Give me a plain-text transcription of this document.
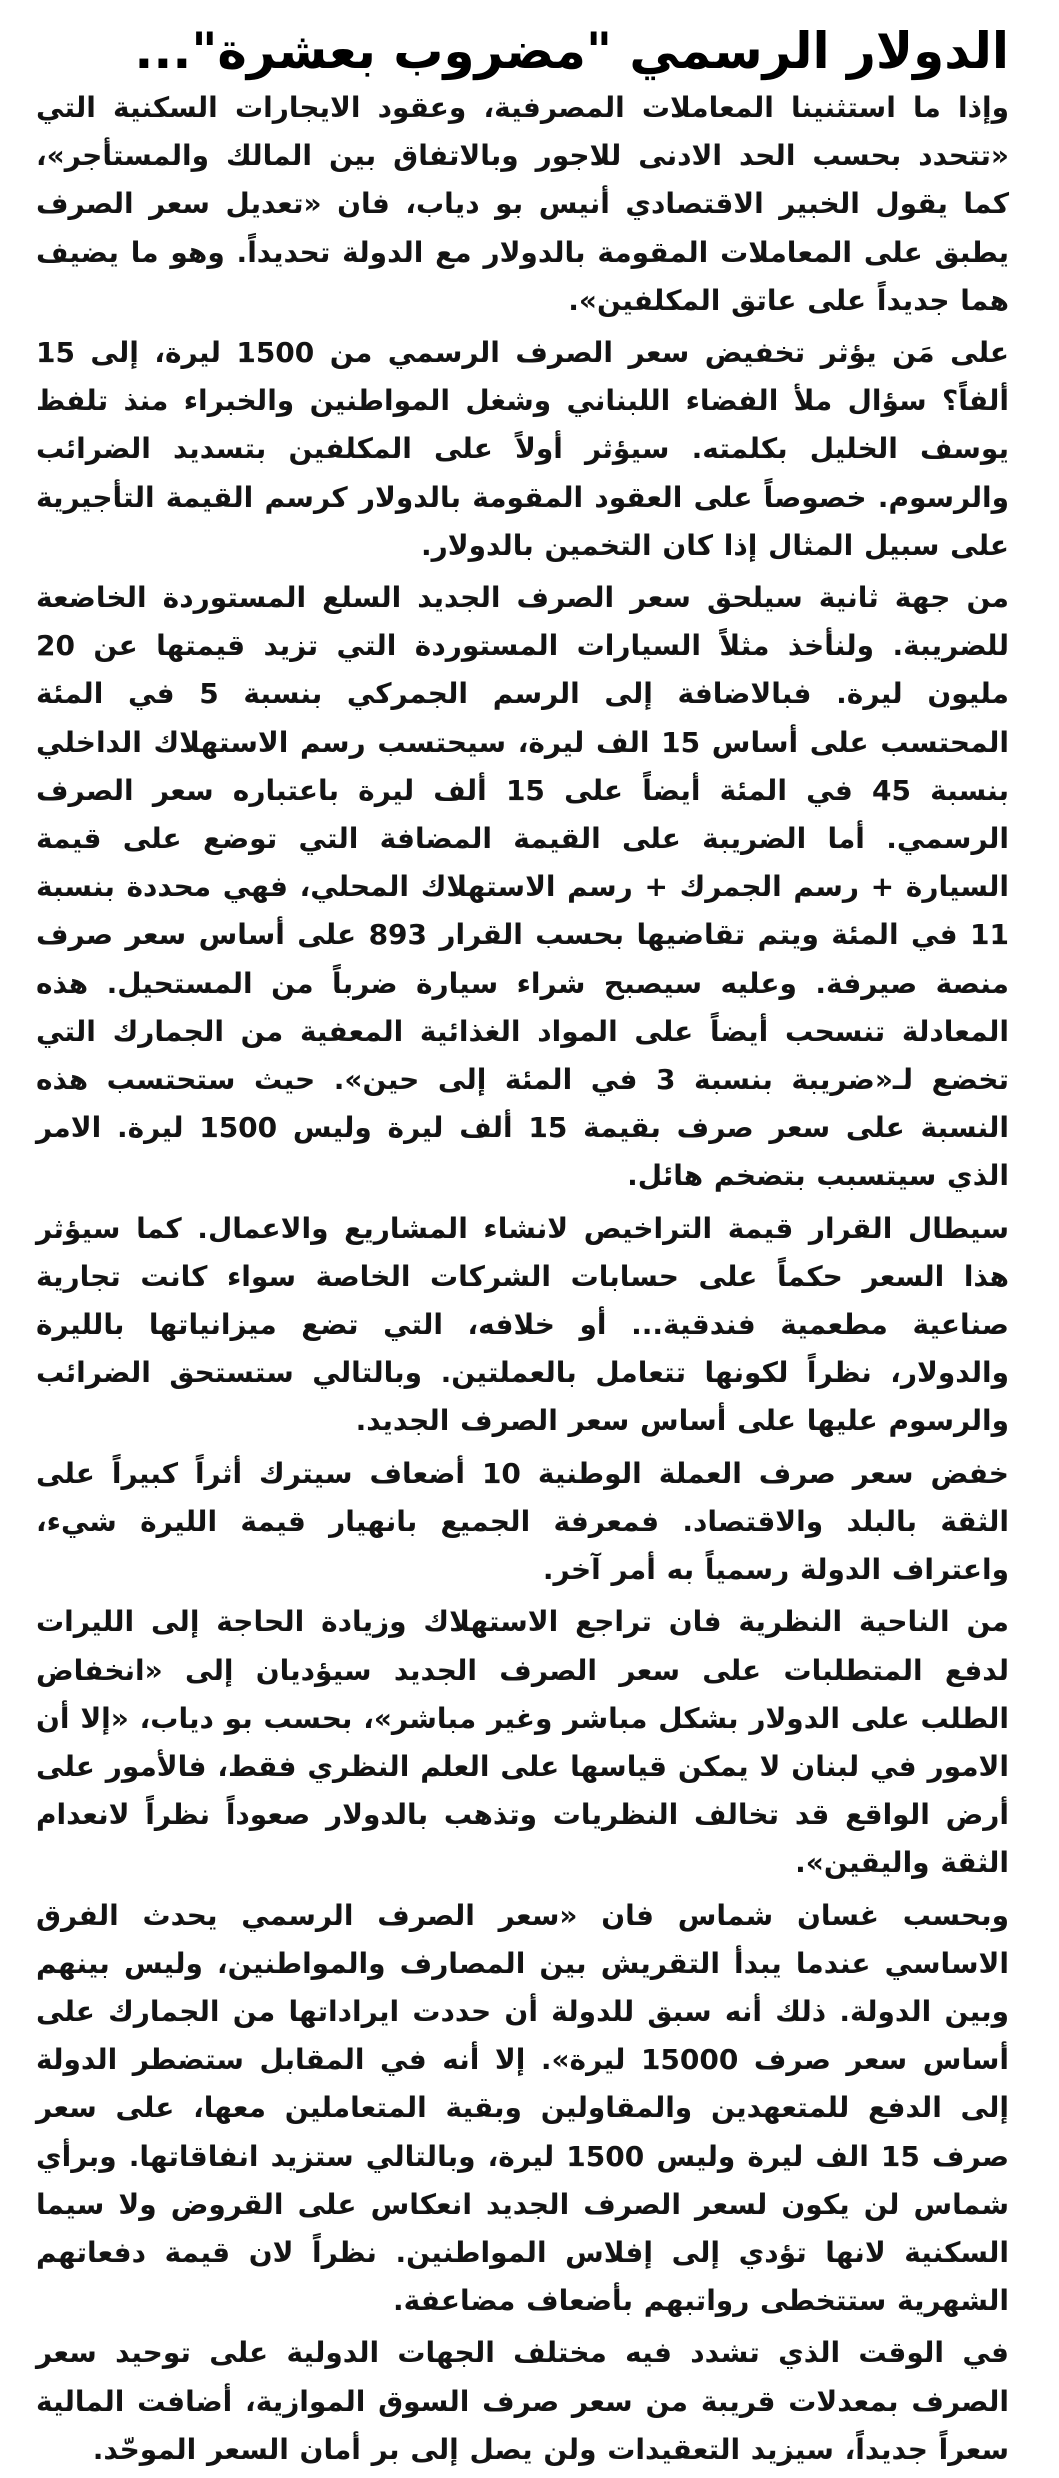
الدولار الرسمي "مضروب بعشرة"...

وإذا ما استثنينا المعاملات المصرفية، وعقود الايجارات السكنية التي «تتحدد بحسب الحد الادنى للاجور وبالاتفاق بين المالك والمستأجر»، كما يقول الخبير الاقتصادي أنيس بو دياب، فان «تعديل سعر الصرف يطبق على المعاملات المقومة بالدولار مع الدولة تحديداً. وهو ما يضيف هما جديداً على عاتق المكلفين».

على مَن يؤثر تخفيض سعر الصرف الرسمي من 1500 ليرة، إلى 15 ألفاً؟ سؤال ملأ الفضاء اللبناني وشغل المواطنين والخبراء منذ تلفظ يوسف الخليل بكلمته. سيؤثر أولاً على المكلفين بتسديد الضرائب والرسوم. خصوصاً على العقود المقومة بالدولار كرسم القيمة التأجيرية على سبيل المثال إذا كان التخمين بالدولار.

من جهة ثانية سيلحق سعر الصرف الجديد السلع المستوردة الخاضعة للضريبة. ولنأخذ مثلاً السيارات المستوردة التي تزيد قيمتها عن 20 مليون ليرة. فبالاضافة إلى الرسم الجمركي بنسبة 5 في المئة المحتسب على أساس 15 الف ليرة، سيحتسب رسم الاستهلاك الداخلي بنسبة 45 في المئة أيضاً على 15 ألف ليرة باعتباره سعر الصرف الرسمي. أما الضريبة على القيمة المضافة التي توضع على قيمة السيارة + رسم الجمرك + رسم الاستهلاك المحلي، فهي محددة بنسبة 11 في المئة ويتم تقاضيها بحسب القرار 893 على أساس سعر صرف منصة صيرفة. وعليه سيصبح شراء سيارة ضرباً من المستحيل. هذه المعادلة تنسحب أيضاً على المواد الغذائية المعفية من الجمارك التي تخضع لـ«ضريبة بنسبة 3 في المئة إلى حين». حيث ستحتسب هذه النسبة على سعر صرف بقيمة 15 ألف ليرة وليس 1500 ليرة. الامر الذي سيتسبب بتضخم هائل.

سيطال القرار قيمة التراخيص لانشاء المشاريع والاعمال. كما سيؤثر هذا السعر حكماً على حسابات الشركات الخاصة سواء كانت تجارية صناعية مطعمية فندقية... أو خلافه، التي تضع ميزانياتها بالليرة والدولار، نظراً لكونها تتعامل بالعملتين. وبالتالي ستستحق الضرائب والرسوم عليها على أساس سعر الصرف الجديد.

خفض سعر صرف العملة الوطنية 10 أضعاف سيترك أثراً كبيراً على الثقة بالبلد والاقتصاد. فمعرفة الجميع بانهيار قيمة الليرة شيء، واعتراف الدولة رسمياً به أمر آخر.

من الناحية النظرية فان تراجع الاستهلاك وزيادة الحاجة إلى الليرات لدفع المتطلبات على سعر الصرف الجديد سيؤديان إلى «انخفاض الطلب على الدولار بشكل مباشر وغير مباشر»، بحسب بو دياب، «إلا أن الامور في لبنان لا يمكن قياسها على العلم النظري فقط، فالأمور على أرض الواقع قد تخالف النظريات وتذهب بالدولار صعوداً نظراً لانعدام الثقة واليقين».

وبحسب غسان شماس فان «سعر الصرف الرسمي يحدث الفرق الاساسي عندما يبدأ التقريش بين المصارف والمواطنين، وليس بينهم وبين الدولة. ذلك أنه سبق للدولة أن حددت ايراداتها من الجمارك على أساس سعر صرف 15000 ليرة». إلا أنه في المقابل ستضطر الدولة إلى الدفع للمتعهدين والمقاولين وبقية المتعاملين معها، على سعر صرف 15 الف ليرة وليس 1500 ليرة، وبالتالي ستزيد انفاقاتها. وبرأي شماس لن يكون لسعر الصرف الجديد انعكاس على القروض ولا سيما السكنية لانها تؤدي إلى إفلاس المواطنين. نظراً لان قيمة دفعاتهم الشهرية ستتخطى رواتبهم بأضعاف مضاعفة.

في الوقت الذي تشدد فيه مختلف الجهات الدولية على توحيد سعر الصرف بمعدلات قريبة من سعر صرف السوق الموازية، أضافت المالية سعراً جديداً، سيزيد التعقيدات ولن يصل إلى بر أمان السعر الموحّد.
